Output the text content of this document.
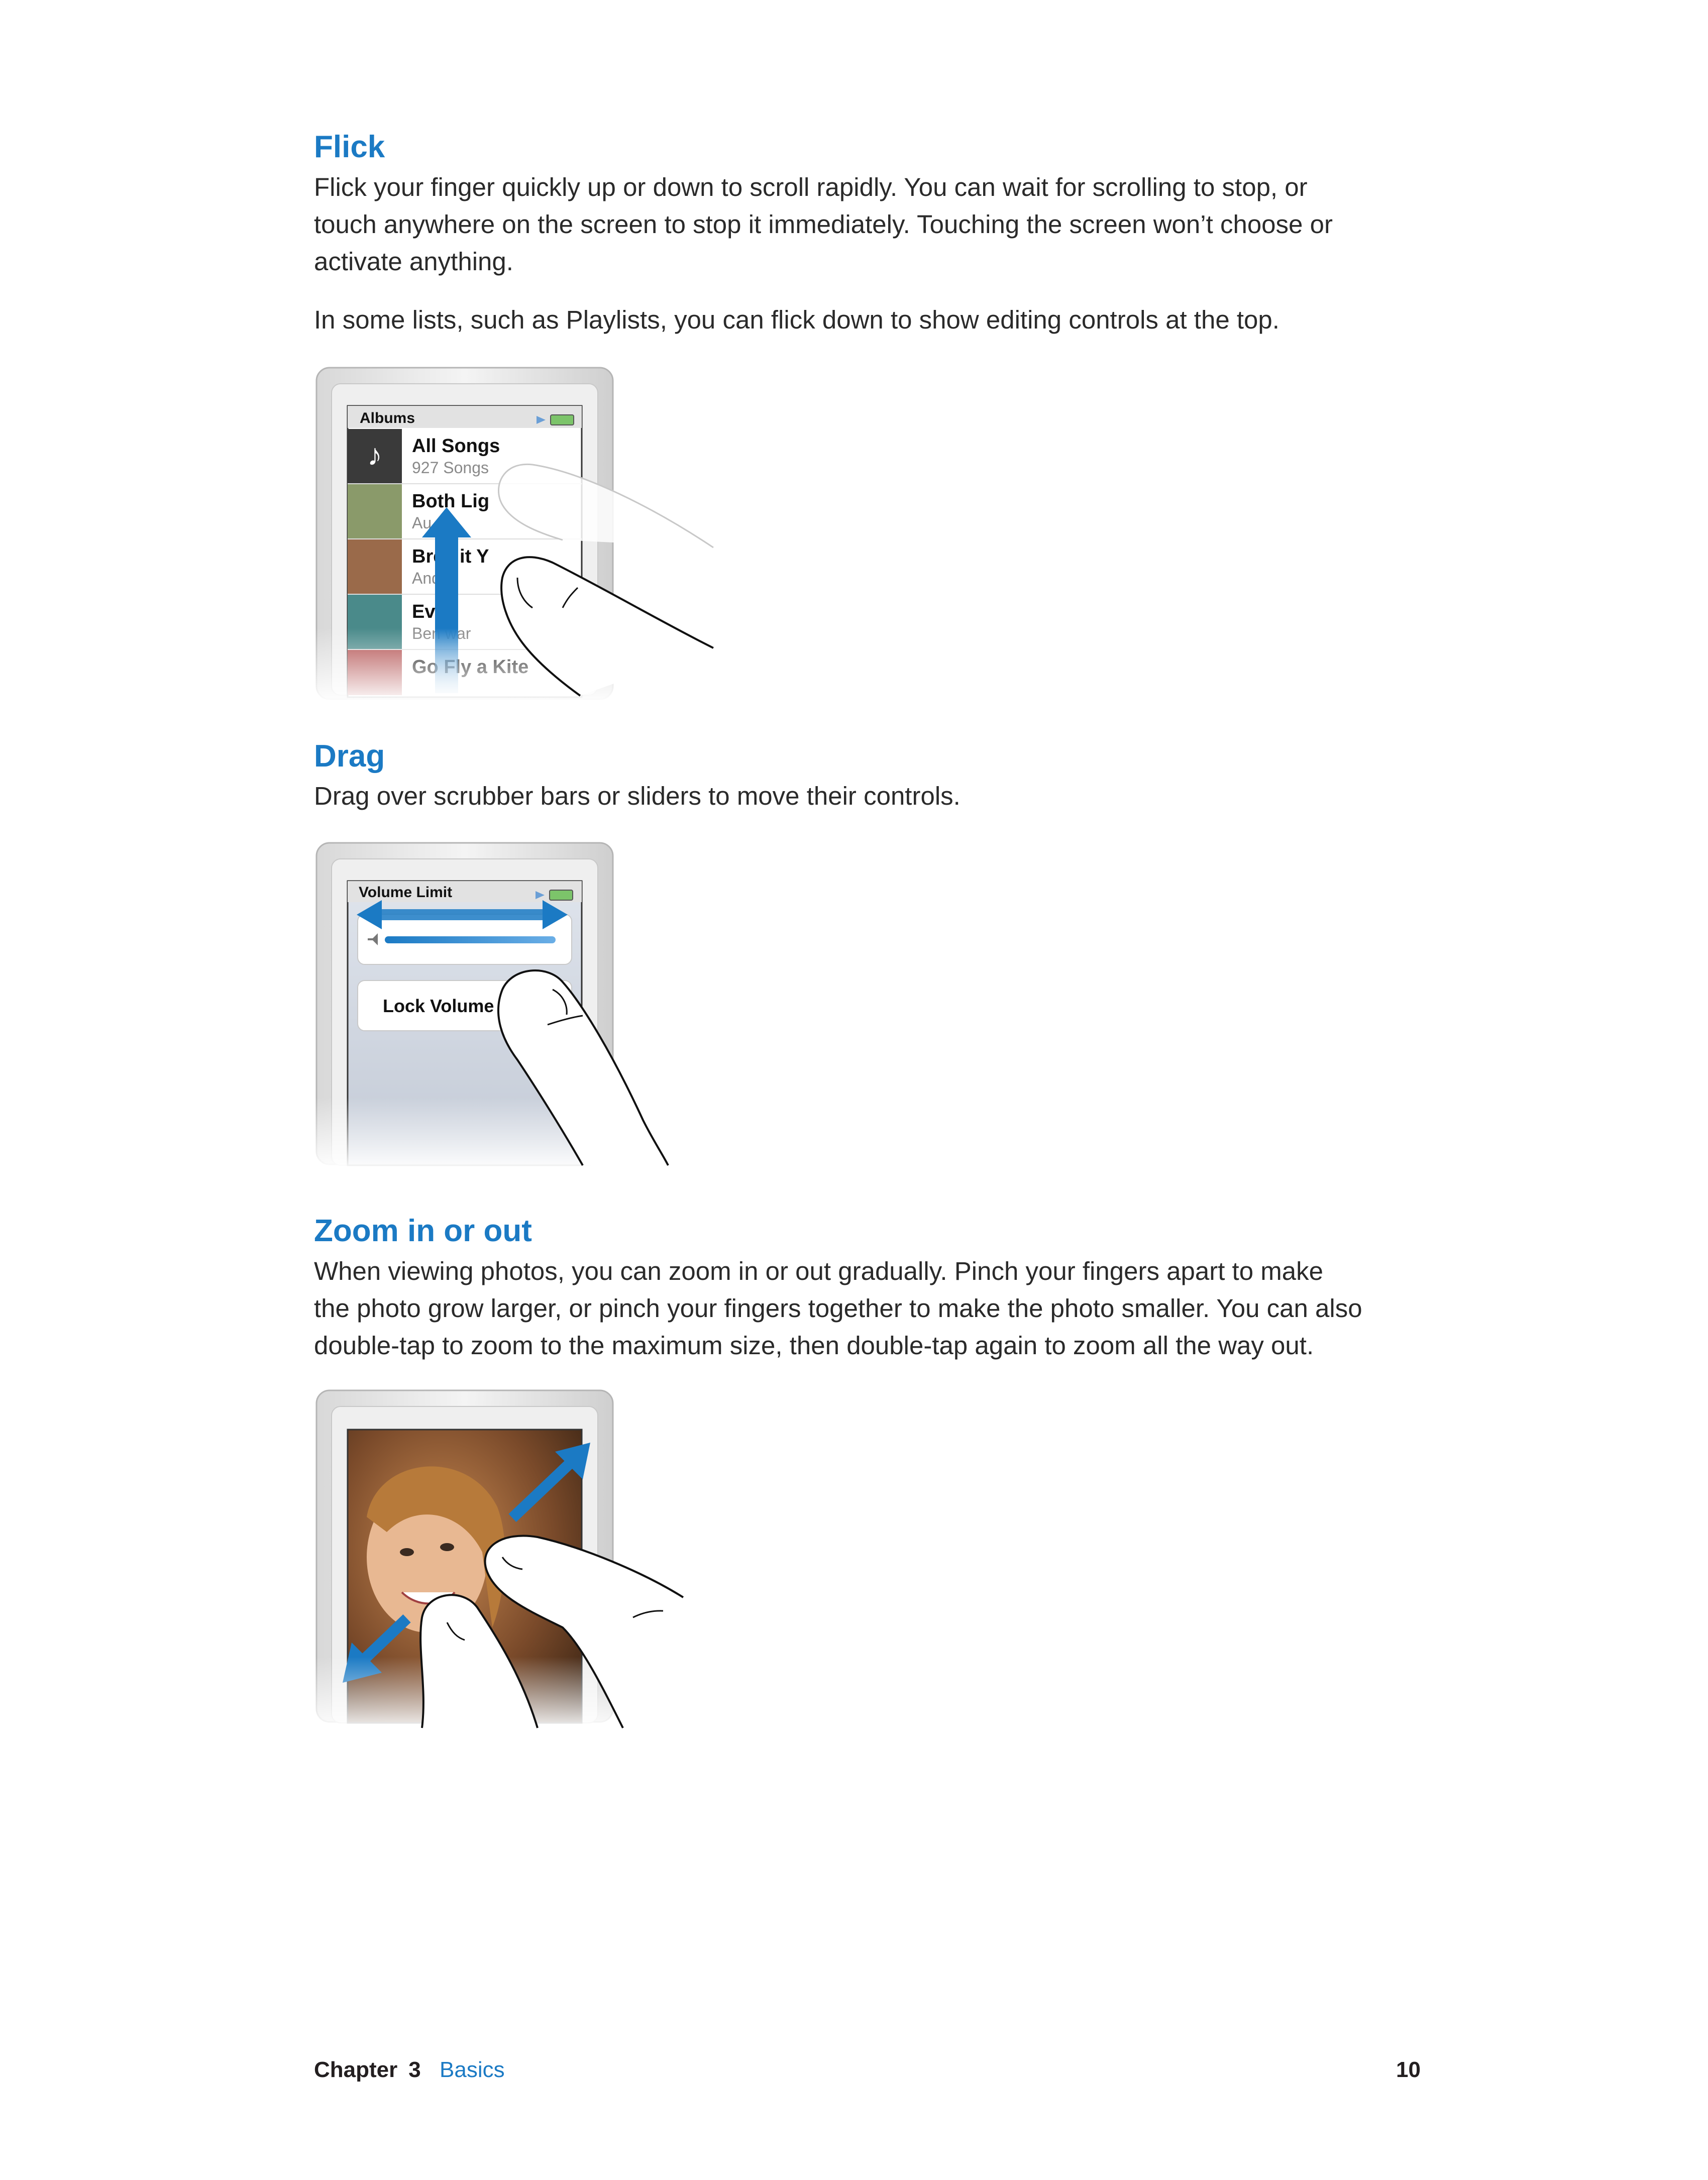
Flick

Flick your finger quickly up or down to scroll rapidly. You can wait for scrolling to stop, or

touch anywhere on the screen to stop it immediately. Touching the screen won’t choose or

activate anything.

In some lists, such as Playlists, you can flick down to show editing controls at the top.

Drag

Drag over scrubber bars or sliders to move their controls.

Zoom in or out

When viewing photos, you can zoom in or out gradually. Pinch your fingers apart to make

the photo grow larger, or pinch your fingers together to make the photo smaller. You can also

double-tap to zoom to the maximum size, then double-tap again to zoom all the way out.

Chapter 3 Basics	10
